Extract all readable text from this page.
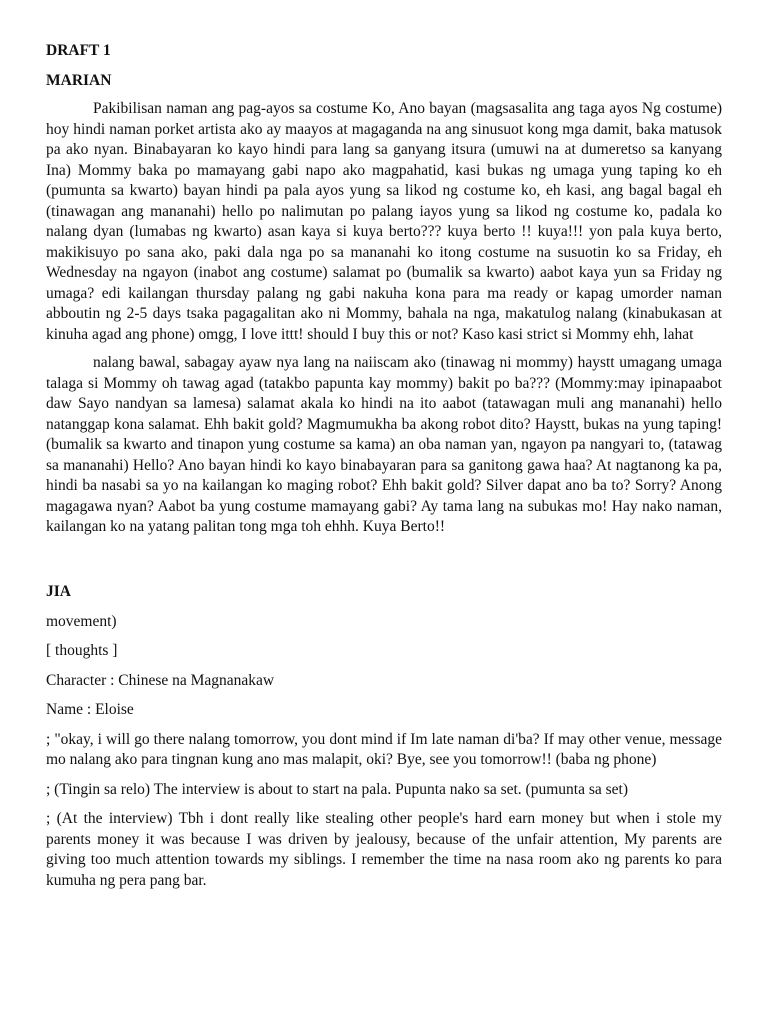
DRAFT 1

MARIAN

Pakibilisan naman ang pag-ayos sa costume Ko, Ano bayan (magsasalita ang taga ayos Ng costume) hoy hindi naman porket artista ako ay maayos at magaganda na ang sinusuot kong mga damit, baka matusok pa ako nyan. Binabayaran ko kayo hindi para lang sa ganyang itsura (umuwi na at dumeretso sa kanyang Ina) Mommy baka po mamayang gabi napo ako magpahatid, kasi bukas ng umaga yung taping ko eh (pumunta sa kwarto) bayan hindi pa pala ayos yung sa likod ng costume ko, eh kasi, ang bagal bagal eh (tinawagan ang mananahi) hello po nalimutan po palang iayos yung sa likod ng costume ko, padala ko nalang dyan (lumabas ng kwarto) asan kaya si kuya berto??? kuya berto !! kuya!!! yon pala kuya berto, makikisuyo po sana ako, paki dala nga po sa mananahi ko itong costume na susuotin ko sa Friday, eh Wednesday na ngayon (inabot ang costume) salamat po (bumalik sa kwarto) aabot kaya yun sa Friday ng umaga? edi kailangan thursday palang ng gabi nakuha kona para ma ready or kapag umorder naman abboutin ng 2-5 days tsaka pagagalitan ako ni Mommy, bahala na nga, makatulog nalang (kinabukasan at kinuha agad ang phone) omgg, I love ittt! should I buy this or not? Kaso kasi strict si Mommy ehh, lahat

nalang bawal, sabagay ayaw nya lang na naiiscam ako (tinawag ni mommy) haystt umagang umaga talaga si Mommy oh tawag agad (tatakbo papunta kay mommy) bakit po ba??? (Mommy:may ipinapaabot daw Sayo nandyan sa lamesa) salamat akala ko hindi na ito aabot (tatawagan muli ang mananahi) hello natanggap kona salamat. Ehh bakit gold? Magmumukha ba akong robot dito? Haystt, bukas na yung taping! (bumalik sa kwarto and tinapon yung costume sa kama) an oba naman yan, ngayon pa nangyari to, (tatawag sa mananahi) Hello? Ano bayan hindi ko kayo binabayaran para sa ganitong gawa haa? At nagtanong ka pa, hindi ba nasabi sa yo na kailangan ko maging robot? Ehh bakit gold? Silver dapat ano ba to? Sorry? Anong magagawa nyan? Aabot ba yung costume mamayang gabi? Ay tama lang na subukas mo! Hay nako naman, kailangan ko na yatang palitan tong mga toh ehhh. Kuya Berto!!

JIA

movement)

[ thoughts ]

Character : Chinese na Magnanakaw

Name : Eloise

; "okay, i will go there nalang tomorrow, you dont mind if Im late naman di'ba? If may other venue, message mo nalang ako para tingnan kung ano mas malapit, oki? Bye, see you tomorrow!! (baba ng phone)

; (Tingin sa relo) The interview is about to start na pala. Pupunta nako sa set. (pumunta sa set)

; (At the interview) Tbh i dont really like stealing other people's hard earn money but when i stole my parents money it was because I was driven by jealousy, because of the unfair attention, My parents are giving too much attention towards my siblings. I remember the time na nasa room ako ng parents ko para kumuha ng pera pang bar.
